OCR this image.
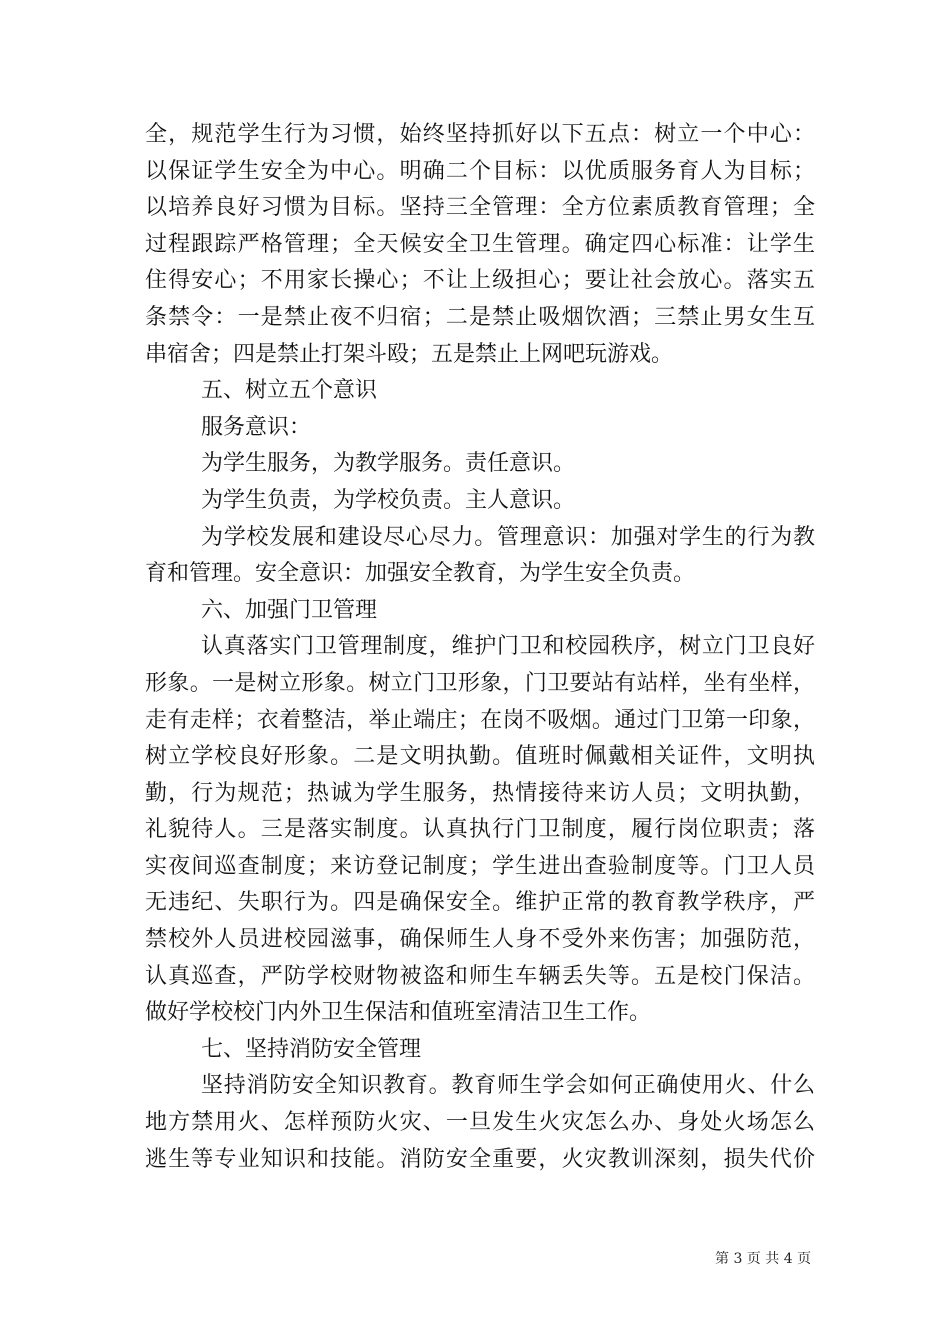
全，规范学生行为习惯，始终坚持抓好以下五点：树立一个中心：
以保证学生安全为中心。明确二个目标：以优质服务育人为目标；
以培养良好习惯为目标。坚持三全管理：全方位素质教育管理；全
过程跟踪严格管理；全天候安全卫生管理。确定四心标准：让学生
住得安心；不用家长操心；不让上级担心；要让社会放心。落实五
条禁令：一是禁止夜不归宿；二是禁止吸烟饮酒；三禁止男女生互
串宿舍；四是禁止打架斗殴；五是禁止上网吧玩游戏。
五、树立五个意识
服务意识：
为学生服务，为教学服务。责任意识。
为学生负责，为学校负责。主人意识。
为学校发展和建设尽心尽力。管理意识：加强对学生的行为教
育和管理。安全意识：加强安全教育，为学生安全负责。
六、加强门卫管理
认真落实门卫管理制度，维护门卫和校园秩序，树立门卫良好
形象。一是树立形象。树立门卫形象，门卫要站有站样，坐有坐样，
走有走样；衣着整洁，举止端庄；在岗不吸烟。通过门卫第一印象，
树立学校良好形象。二是文明执勤。值班时佩戴相关证件，文明执
勤，行为规范；热诚为学生服务，热情接待来访人员；文明执勤，
礼貌待人。三是落实制度。认真执行门卫制度，履行岗位职责；落
实夜间巡查制度；来访登记制度；学生进出查验制度等。门卫人员
无违纪、失职行为。四是确保安全。维护正常的教育教学秩序，严
禁校外人员进校园滋事，确保师生人身不受外来伤害；加强防范，
认真巡查，严防学校财物被盗和师生车辆丢失等。五是校门保洁。
做好学校校门内外卫生保洁和值班室清洁卫生工作。
七、坚持消防安全管理
坚持消防安全知识教育。教育师生学会如何正确使用火、什么
地方禁用火、怎样预防火灾、一旦发生火灾怎么办、身处火场怎么
逃生等专业知识和技能。消防安全重要，火灾教训深刻，损失代价
第 3 页 共 4 页
